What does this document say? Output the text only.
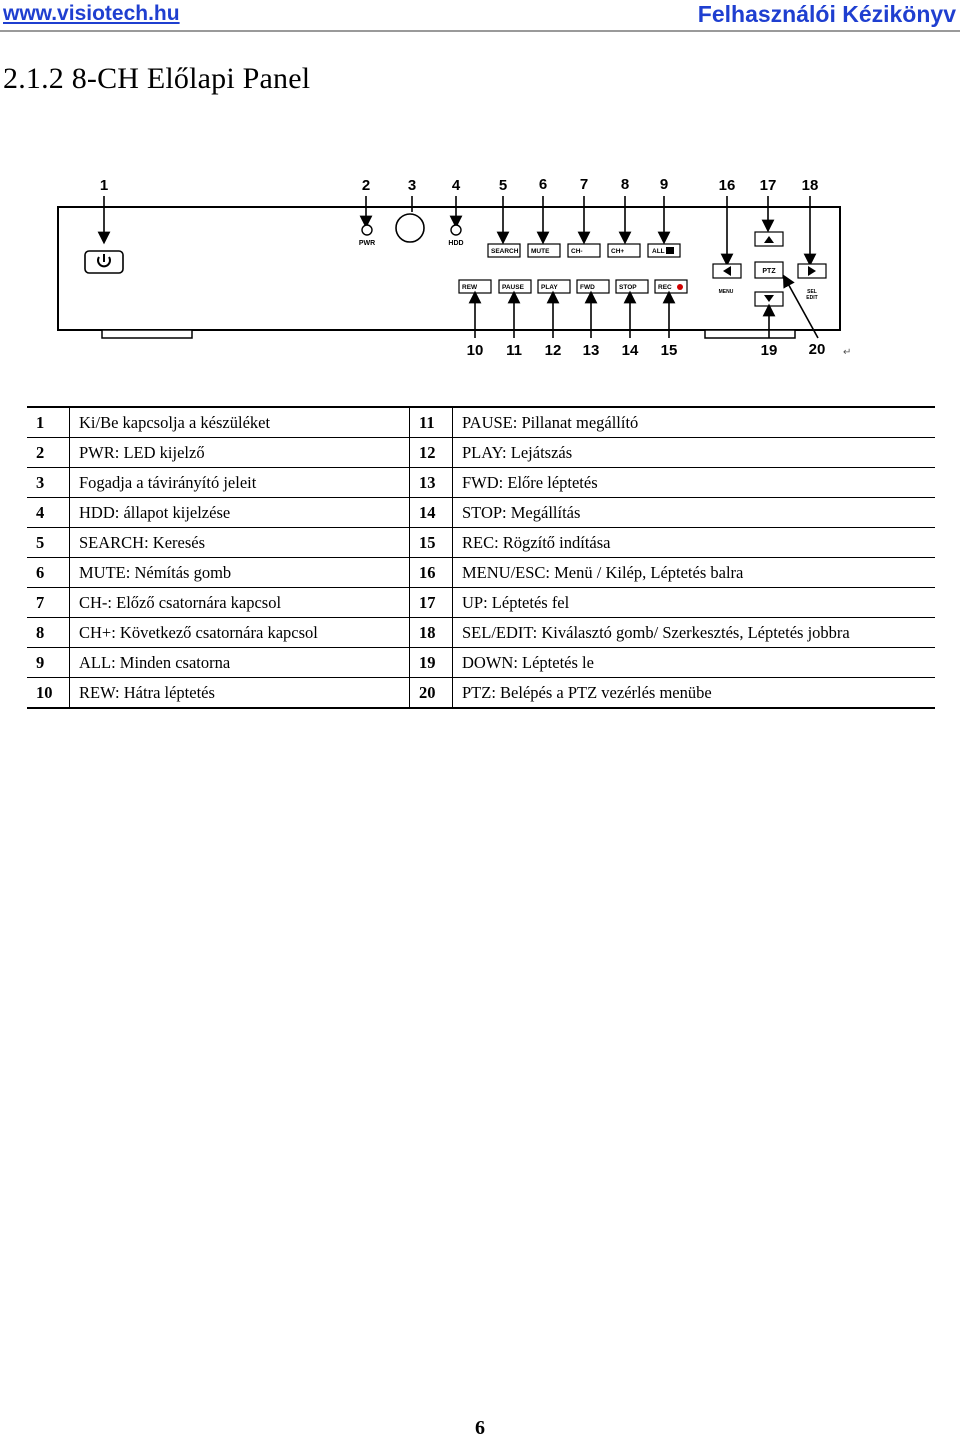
www.visiotech.hu	Felhasználói Kézikönyv
2.1.2 8-CH Előlapi Panel
1	2	3 4	5 6 7 8 9	16 17 18
PWR	HDD
SEARCH MUTE	CH-	CH+	ALL
REW	PAUSE	PLAY	FWD	STOP	REC
PTZ
MENU	SEL
EDIT
10 11 12 13 14 15	19 20 ↵
1	Ki/Be kapcsolja a készüléket	11	PAUSE: Pillanat megállító
2	PWR: LED kijelző	12	PLAY: Lejátszás
3	Fogadja a távirányító jeleit	13	FWD: Előre léptetés
4	HDD: állapot kijelzése	14	STOP: Megállítás
5	SEARCH: Keresés	15	REC: Rögzítő indítása
6	MUTE: Némítás gomb	16	MENU/ESC: Menü / Kilép, Léptetés balra
7	CH-: Előző csatornára kapcsol	17	UP: Léptetés fel
8	CH+: Következő csatornára kapcsol	18	SEL/EDIT: Kiválasztó gomb/ Szerkesztés, Léptetés jobbra
9	ALL: Minden csatorna	19	DOWN: Léptetés le
10	REW: Hátra léptetés	20	PTZ: Belépés a PTZ vezérlés menübe
6
